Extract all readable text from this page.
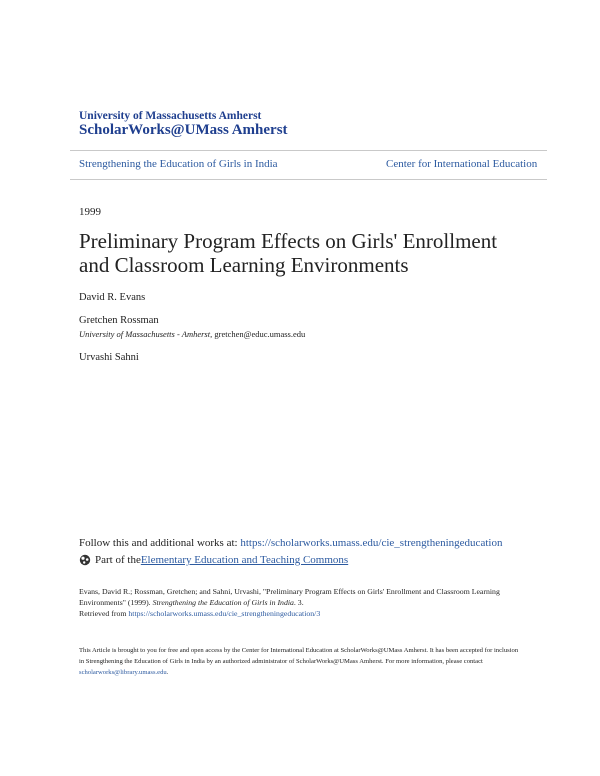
University of Massachusetts Amherst
ScholarWorks@UMass Amherst
Strengthening the Education of Girls in India	Center for International Education
1999
Preliminary Program Effects on Girls' Enrollment and Classroom Learning Environments
David R. Evans
Gretchen Rossman
University of Massachusetts - Amherst, gretchen@educ.umass.edu
Urvashi Sahni
Follow this and additional works at: https://scholarworks.umass.edu/cie_strengtheningeducation
Part of the Elementary Education and Teaching Commons
Evans, David R.; Rossman, Gretchen; and Sahni, Urvashi, "Preliminary Program Effects on Girls' Enrollment and Classroom Learning Environments" (1999). Strengthening the Education of Girls in India. 3.
Retrieved from https://scholarworks.umass.edu/cie_strengtheningeducation/3
This Article is brought to you for free and open access by the Center for International Education at ScholarWorks@UMass Amherst. It has been accepted for inclusion in Strengthening the Education of Girls in India by an authorized administrator of ScholarWorks@UMass Amherst. For more information, please contact scholarworks@library.umass.edu.
